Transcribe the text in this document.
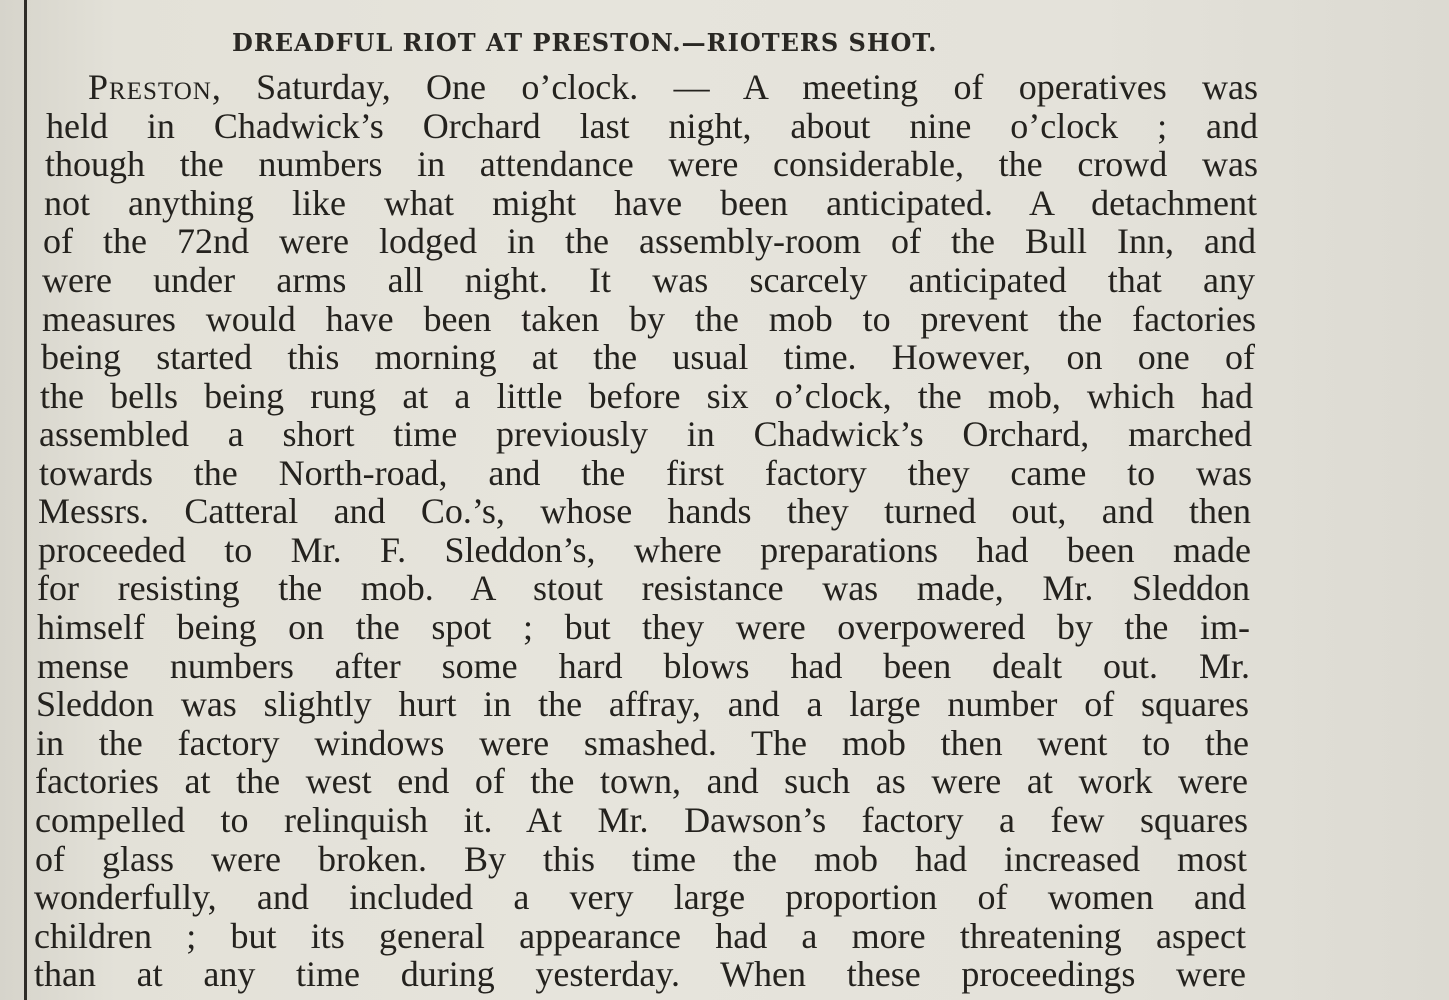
DREADFUL RIOT AT PRESTON.—RIOTERS SHOT.
Preston, Saturday, One o’clock. — A meeting of operatives was
held in Chadwick’s Orchard last night, about nine o’clock ; and
though the numbers in attendance were considerable, the crowd was
not anything like what might have been anticipated. A detachment
of the 72nd were lodged in the assembly-room of the Bull Inn, and
were under arms all night. It was scarcely anticipated that any
measures would have been taken by the mob to prevent the factories
being started this morning at the usual time. However, on one of
the bells being rung at a little before six o’clock, the mob, which had
assembled a short time previously in Chadwick’s Orchard, marched
towards the North-road, and the first factory they came to was
Messrs. Catteral and Co.’s, whose hands they turned out, and then
proceeded to Mr. F. Sleddon’s, where preparations had been made
for resisting the mob. A stout resistance was made, Mr. Sleddon
himself being on the spot ; but they were overpowered by the im-
mense numbers after some hard blows had been dealt out. Mr.
Sleddon was slightly hurt in the affray, and a large number of squares
in the factory windows were smashed. The mob then went to the
factories at the west end of the town, and such as were at work were
compelled to relinquish it. At Mr. Dawson’s factory a few squares
of glass were broken. By this time the mob had increased most
wonderfully, and included a very large proportion of women and
children ; but its general appearance had a more threatening aspect
than at any time during yesterday. When these proceedings were
